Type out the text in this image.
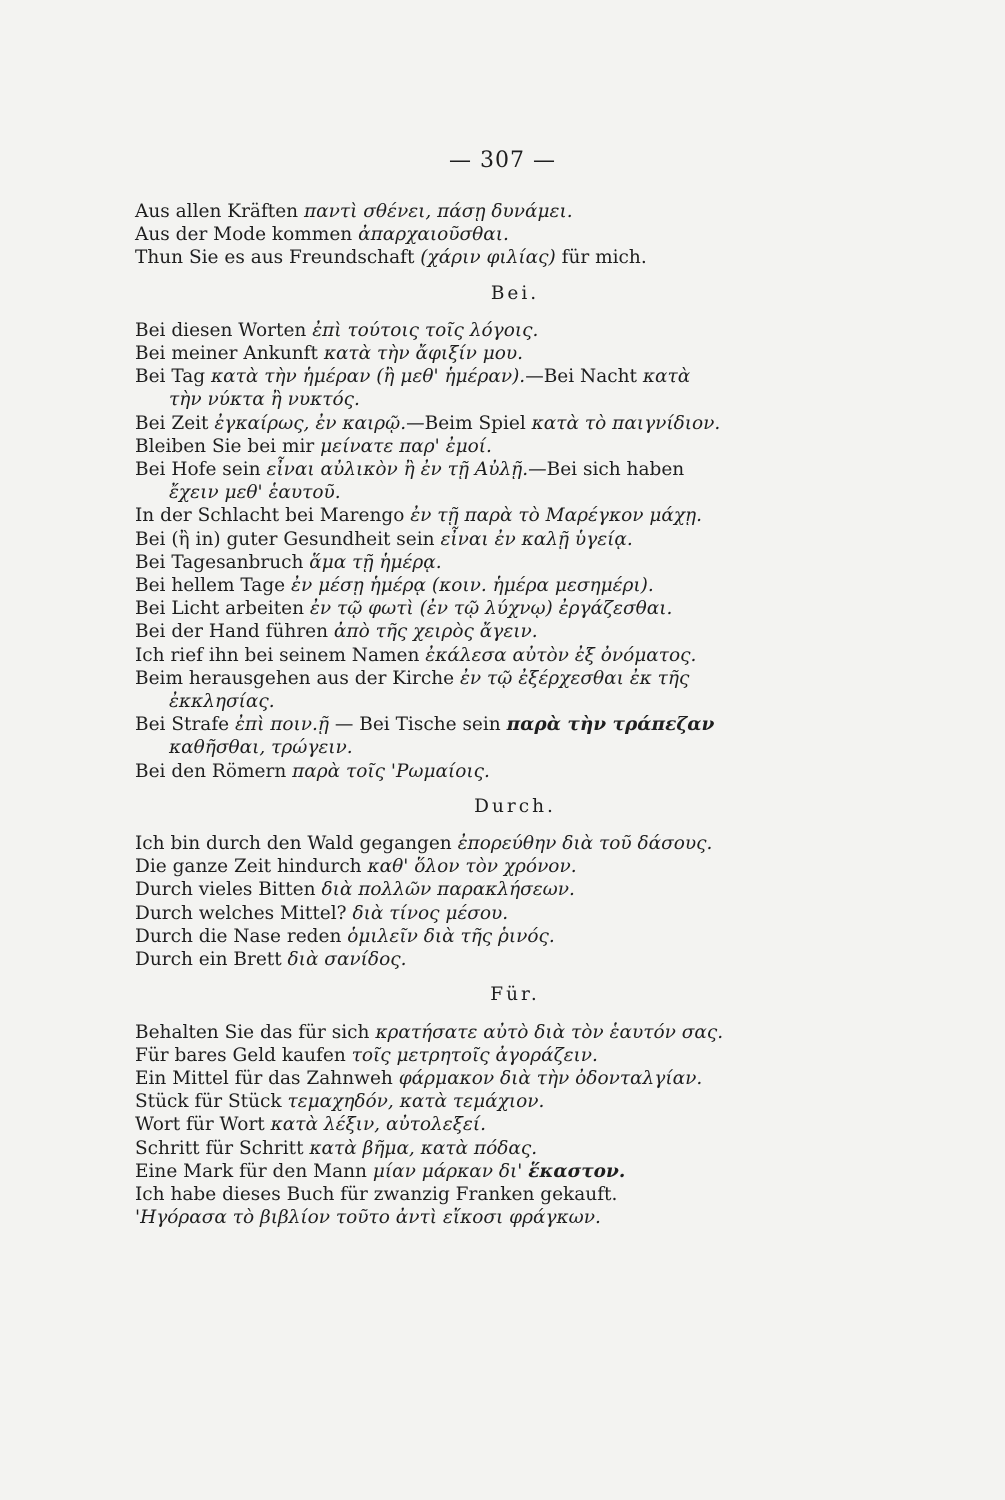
— 307 —
Aus allen Kräften παντὶ σθένει, πάσῃ δυνάμει.
Aus der Mode kommen ἀπαρχαιοῦσθαι.
Thun Sie es aus Freundschaft (χάριν φιλίας) für mich.
Bei.
Bei diesen Worten ἐπὶ τούτοις τοῖς λόγοις.
Bei meiner Ankunft κατὰ τὴν ἄφιξίν μου.
Bei Tag κατὰ τὴν ἡμέραν (ἢ μεθ' ἡμέραν).—Bei Nacht κατὰ
τὴν νύκτα ἢ νυκτός.
Bei Zeit ἐγκαίρως, ἐν καιρῷ.—Beim Spiel κατὰ τὸ παιγνίδιον.
Bleiben Sie bei mir μείνατε παρ' ἐμοί.
Bei Hofe sein εἶναι αὐλικὸν ἢ ἐν τῇ Αὐλῇ.—Bei sich haben
ἔχειν μεθ' ἑαυτοῦ.
In der Schlacht bei Marengo ἐν τῇ παρὰ τὸ Μαρέγκον μάχῃ.
Bei (ἢ in) guter Gesundheit sein εἶναι ἐν καλῇ ὑγείᾳ.
Bei Tagesanbruch ἅμα τῇ ἡμέρᾳ.
Bei hellem Tage ἐν μέσῃ ἡμέρᾳ (κοιν. ἡμέρα μεσημέρι).
Bei Licht arbeiten ἐν τῷ φωτὶ (ἐν τῷ λύχνῳ) ἐργάζεσθαι.
Bei der Hand führen ἀπὸ τῆς χειρὸς ἄγειν.
Ich rief ihn bei seinem Namen ἐκάλεσα αὐτὸν ἐξ ὀνόματος.
Beim herausgehen aus der Kirche ἐν τῷ ἐξέρχεσθαι ἐκ τῆς
ἐκκλησίας.
Bei Strafe ἐπὶ ποιν.ῇ — Bei Tische sein παρὰ τὴν τράπεζαν
καθῆσθαι, τρώγειν.
Bei den Römern παρὰ τοῖς 'Ρωμαίοις.
Durch.
Ich bin durch den Wald gegangen ἐπορεύθην διὰ τοῦ δάσους.
Die ganze Zeit hindurch καθ' ὅλον τὸν χρόνον.
Durch vieles Bitten διὰ πολλῶν παρακλήσεων.
Durch welches Mittel? διὰ τίνος μέσου.
Durch die Nase reden ὁμιλεῖν διὰ τῆς ῥινός.
Durch ein Brett διὰ σανίδος.
Für.
Behalten Sie das für sich κρατήσατε αὐτὸ διὰ τὸν ἑαυτόν σας.
Für bares Geld kaufen τοῖς μετρητοῖς ἀγοράζειν.
Ein Mittel für das Zahnweh φάρμακον διὰ τὴν ὀδονταλγίαν.
Stück für Stück τεμαχηδόν, κατὰ τεμάχιον.
Wort für Wort κατὰ λέξιν, αὐτολεξεί.
Schritt für Schritt κατὰ βῆμα, κατὰ πόδας.
Eine Mark für den Mann μίαν μάρκαν δι' ἕκαστον.
Ich habe dieses Buch für zwanzig Franken gekauft.
'Ηγόρασα τὸ βιβλίον τοῦτο ἀντὶ εἴκοσι φράγκων.
